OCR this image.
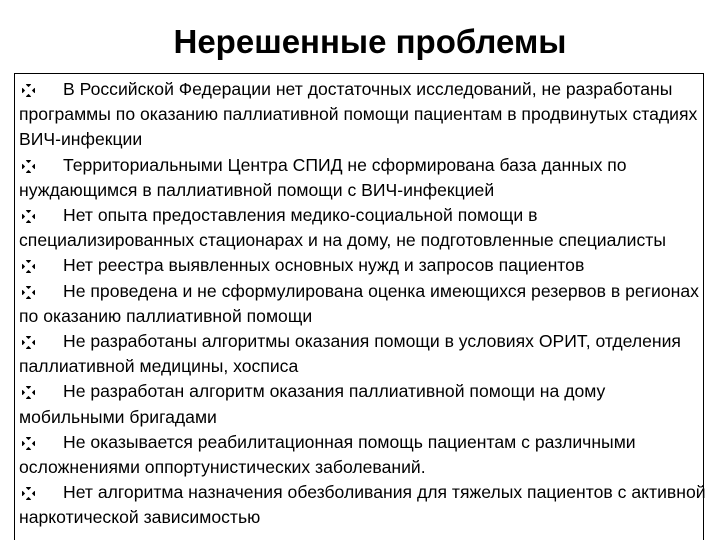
Нерешенные проблемы
В Российской Федерации нет достаточных исследований, не разработаны программы по оказанию паллиативной помощи пациентам в продвинутых стадиях ВИЧ-инфекции
Территориальными Центра СПИД не сформирована база данных по нуждающимся в паллиативной помощи с ВИЧ-инфекцией
Нет опыта предоставления медико-социальной помощи в специализированных стационарах и на дому, не подготовленные специалисты
Нет реестра выявленных основных нужд и запросов пациентов
Не проведена и не сформулирована оценка имеющихся резервов в регионах по оказанию паллиативной помощи
Не разработаны алгоритмы оказания помощи в условиях ОРИТ, отделения паллиативной медицины, хосписа
Не разработан алгоритм оказания паллиативной помощи на дому мобильными бригадами
Не оказывается реабилитационная помощь пациентам с различными осложнениями оппортунистических заболеваний.
Нет алгоритма назначения обезболивания для тяжелых пациентов с активной наркотической зависимостью
